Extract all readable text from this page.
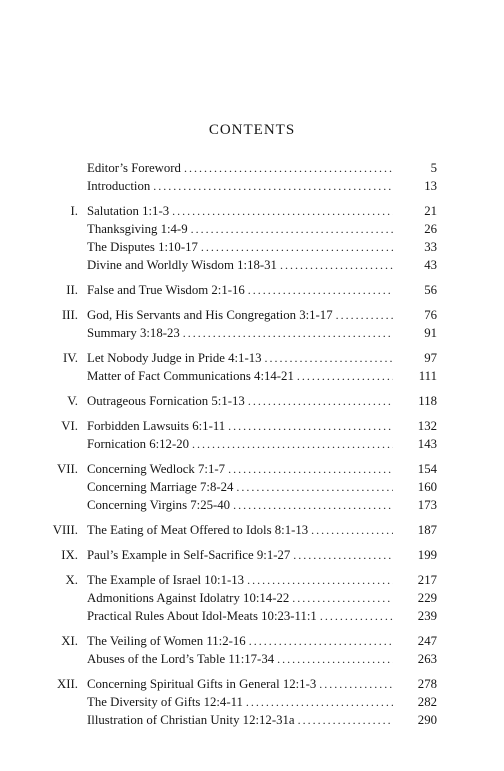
CONTENTS
Editor’s Foreword .....	5
Introduction .....	13
I. Salutation 1:1-3 .....	21
Thanksgiving 1:4-9 .....	26
The Disputes 1:10-17 .....	33
Divine and Worldly Wisdom 1:18-31 .....	43
II. False and True Wisdom 2:1-16 .....	56
III. God, His Servants and His Congregation 3:1-17 .....	76
Summary 3:18-23 .....	91
IV. Let Nobody Judge in Pride 4:1-13 .....	97
Matter of Fact Communications 4:14-21 .....	111
V. Outrageous Fornication 5:1-13 .....	118
VI. Forbidden Lawsuits 6:1-11 .....	132
Fornication 6:12-20 .....	143
VII. Concerning Wedlock 7:1-7 .....	154
Concerning Marriage 7:8-24 .....	160
Concerning Virgins 7:25-40 .....	173
VIII. The Eating of Meat Offered to Idols 8:1-13 .....	187
IX. Paul’s Example in Self-Sacrifice 9:1-27 .....	199
X. The Example of Israel 10:1-13 .....	217
Admonitions Against Idolatry 10:14-22 .....	229
Practical Rules About Idol-Meats 10:23-11:1 .....	239
XI. The Veiling of Women 11:2-16 .....	247
Abuses of the Lord’s Table 11:17-34 .....	263
XII. Concerning Spiritual Gifts in General 12:1-3 .....	278
The Diversity of Gifts 12:4-11 .....	282
Illustration of Christian Unity 12:12-31a .....	290
